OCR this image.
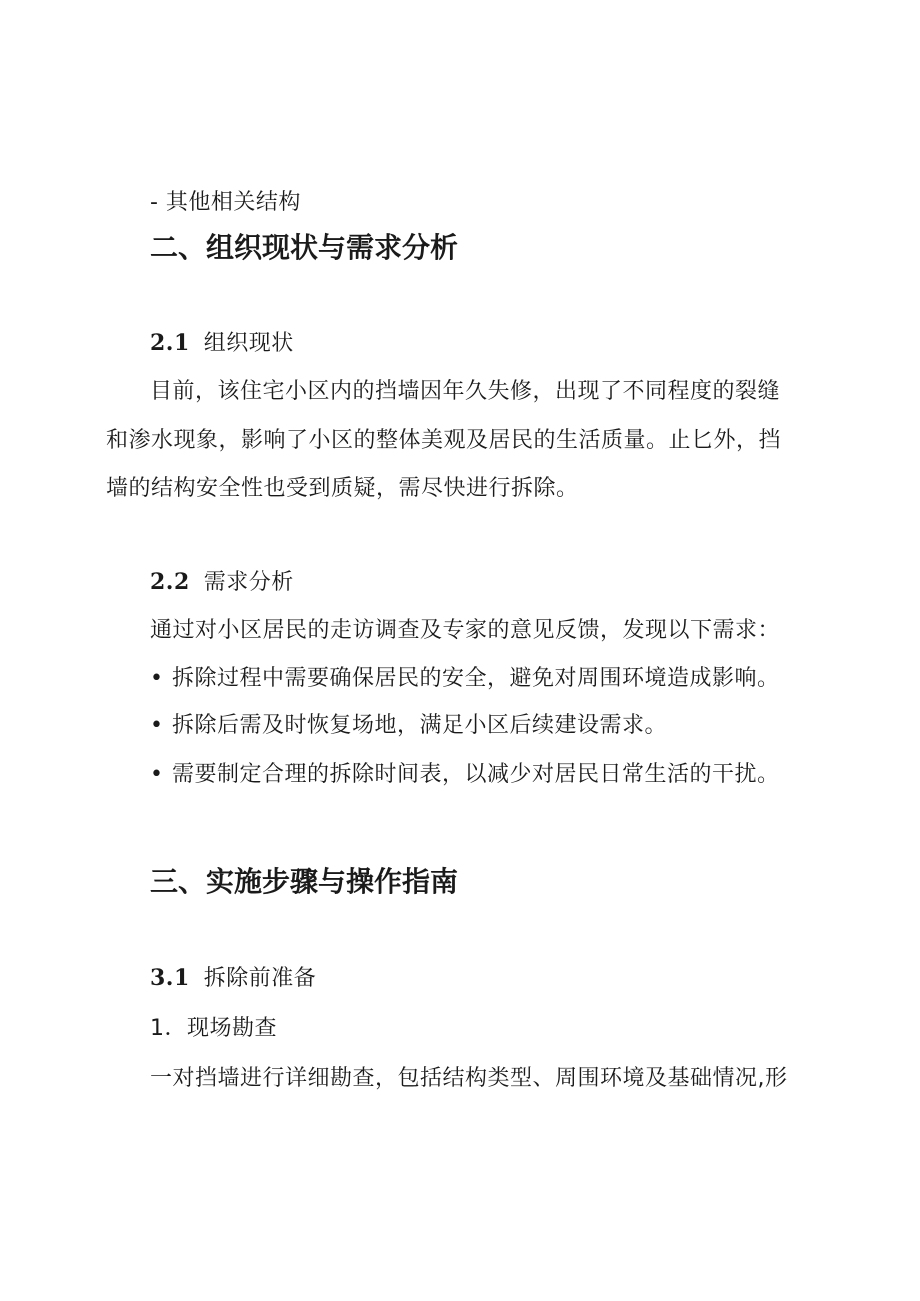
- 其他相关结构
二、组织现状与需求分析
2.1 组织现状
目前，该住宅小区内的挡墙因年久失修，出现了不同程度的裂缝
和渗水现象，影响了小区的整体美观及居民的生活质量。止匕外，挡
墙的结构安全性也受到质疑，需尽快进行拆除。
2.2 需求分析
通过对小区居民的走访调查及专家的意见反馈，发现以下需求：
• 拆除过程中需要确保居民的安全，避免对周围环境造成影响。
• 拆除后需及时恢复场地，满足小区后续建设需求。
• 需要制定合理的拆除时间表，以减少对居民日常生活的干扰。
三、实施步骤与操作指南
3.1 拆除前准备
1．现场勘查
一对挡墙进行详细勘查，包括结构类型、周围环境及基础情况,形
